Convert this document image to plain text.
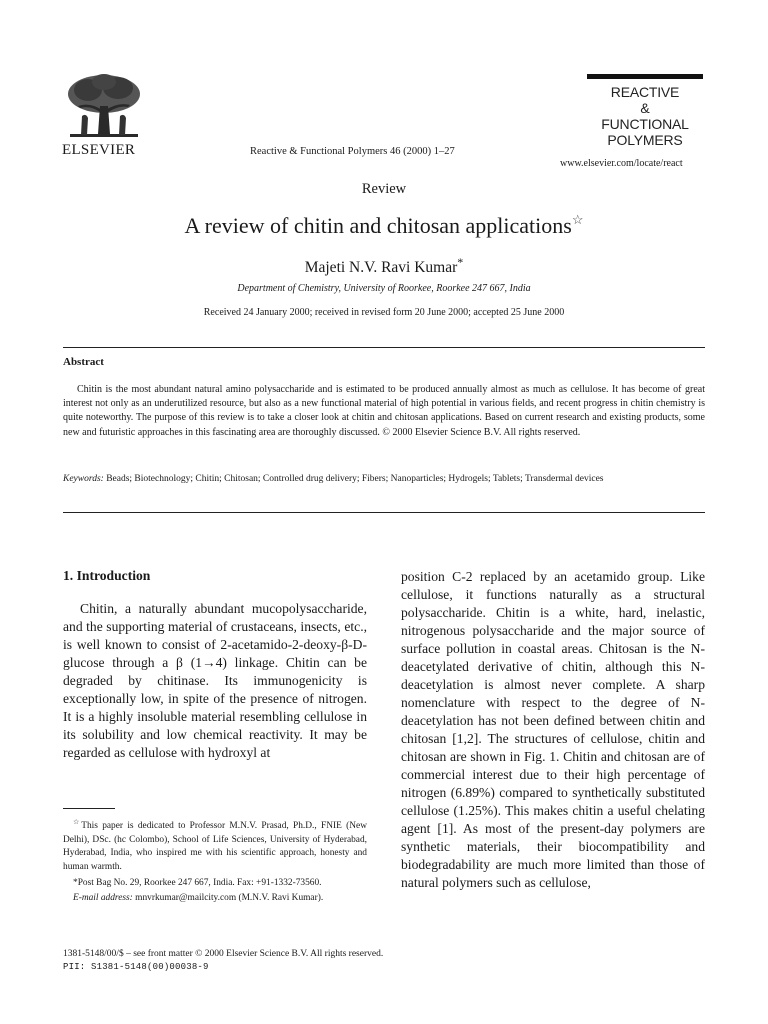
ELSEVIER	Reactive & Functional Polymers 46 (2000) 1–27
REACTIVE
&
FUNCTIONAL
POLYMERS
www.elsevier.com/locate/react
Review
A review of chitin and chitosan applications☆
Majeti N.V. Ravi Kumar*
Department of Chemistry, University of Roorkee, Roorkee 247 667, India
Received 24 January 2000; received in revised form 20 June 2000; accepted 25 June 2000
Abstract
Chitin is the most abundant natural amino polysaccharide and is estimated to be produced annually almost as much as cellulose. It has become of great interest not only as an underutilized resource, but also as a new functional material of high potential in various fields, and recent progress in chitin chemistry is quite noteworthy. The purpose of this review is to take a closer look at chitin and chitosan applications. Based on current research and existing products, some new and futuristic approaches in this fascinating area are thoroughly discussed. © 2000 Elsevier Science B.V. All rights reserved.
Keywords: Beads; Biotechnology; Chitin; Chitosan; Controlled drug delivery; Fibers; Nanoparticles; Hydrogels; Tablets; Transdermal devices
1. Introduction

Chitin, a naturally abundant mucopolysaccharide, and the supporting material of crustaceans, insects, etc., is well known to consist of 2-acetamido-2-deoxy-β-D-glucose through a β (1→4) linkage. Chitin can be degraded by chitinase. Its immunogenicity is exceptionally low, in spite of the presence of nitrogen. It is a highly insoluble material resembling cellulose in its solubility and low chemical reactivity. It may be regarded as cellulose with hydroxyl at

position C-2 replaced by an acetamido group. Like cellulose, it functions naturally as a structural polysaccharide. Chitin is a white, hard, inelastic, nitrogenous polysaccharide and the major source of surface pollution in coastal areas. Chitosan is the N-deacetylated derivative of chitin, although this N-deacetylation is almost never complete. A sharp nomenclature with respect to the degree of N-deacetylation has not been defined between chitin and chitosan [1,2]. The structures of cellulose, chitin and chitosan are shown in Fig. 1. Chitin and chitosan are of commercial interest due to their high percentage of nitrogen (6.89%) compared to synthetically substituted cellulose (1.25%). This makes chitin a useful chelating agent [1]. As most of the present-day polymers are synthetic materials, their biocompatibility and biodegradability are much more limited than those of natural polymers such as cellulose,

☆This paper is dedicated to Professor M.N.V. Prasad, Ph.D., FNIE (New Delhi), DSc. (hc Colombo), School of Life Sciences, University of Hyderabad, Hyderabad, India, who inspired me with his scientific approach, honesty and human warmth.

*Post Bag No. 29, Roorkee 247 667, India. Fax: +91-1332-73560.

E-mail address: mnvrkumar@mailcity.com (M.N.V. Ravi Kumar).

1381-5148/00/$ – see front matter © 2000 Elsevier Science B.V. All rights reserved.
PII: S1381-5148(00)00038-9
